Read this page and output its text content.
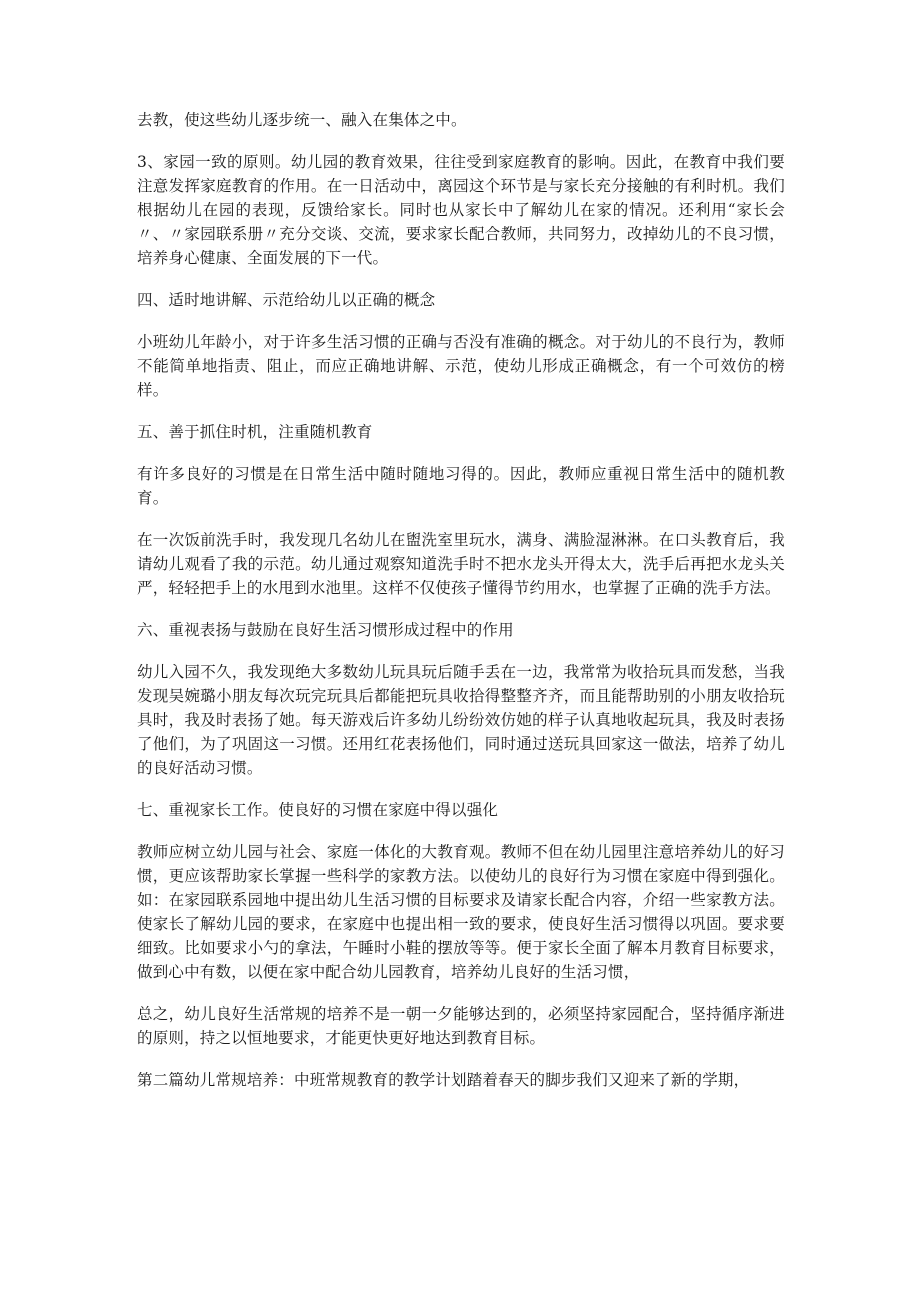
去教，使这些幼儿逐步统一、融入在集体之中。

3、家园一致的原则。幼儿园的教育效果，往往受到家庭教育的影响。因此，在教育中我们要注意发挥家庭教育的作用。在一日活动中，离园这个环节是与家长充分接触的有利时机。我们根据幼儿在园的表现，反馈给家长。同时也从家长中了解幼儿在家的情况。还利用“家长会〃、〃家园联系册〃充分交谈、交流，要求家长配合教师，共同努力，改掉幼儿的不良习惯，培养身心健康、全面发展的下一代。

四、适时地讲解、示范给幼儿以正确的概念

小班幼儿年龄小，对于许多生活习惯的正确与否没有准确的概念。对于幼儿的不良行为，教师不能简单地指责、阻止，而应正确地讲解、示范，使幼儿形成正确概念，有一个可效仿的榜样。

五、善于抓住时机，注重随机教育

有许多良好的习惯是在日常生活中随时随地习得的。因此，教师应重视日常生活中的随机教育。

在一次饭前洗手时，我发现几名幼儿在盥洗室里玩水，满身、满脸湿淋淋。在口头教育后，我请幼儿观看了我的示范。幼儿通过观察知道洗手时不把水龙头开得太大，洗手后再把水龙头关严，轻轻把手上的水甩到水池里。这样不仅使孩子懂得节约用水，也掌握了正确的洗手方法。

六、重视表扬与鼓励在良好生活习惯形成过程中的作用

幼儿入园不久，我发现绝大多数幼儿玩具玩后随手丢在一边，我常常为收拾玩具而发愁，当我发现吴婉璐小朋友每次玩完玩具后都能把玩具收拾得整整齐齐，而且能帮助别的小朋友收拾玩具时，我及时表扬了她。每天游戏后许多幼儿纷纷效仿她的样子认真地收起玩具，我及时表扬了他们，为了巩固这一习惯。还用红花表扬他们，同时通过送玩具回家这一做法，培养了幼儿的良好活动习惯。

七、重视家长工作。使良好的习惯在家庭中得以强化

教师应树立幼儿园与社会、家庭一体化的大教育观。教师不但在幼儿园里注意培养幼儿的好习惯，更应该帮助家长掌握一些科学的家教方法。以使幼儿的良好行为习惯在家庭中得到强化。如：在家园联系园地中提出幼儿生活习惯的目标要求及请家长配合内容，介绍一些家教方法。使家长了解幼儿园的要求，在家庭中也提出相一致的要求，使良好生活习惯得以巩固。要求要细致。比如要求小勺的拿法，午睡时小鞋的摆放等等。便于家长全面了解本月教育目标要求，做到心中有数，以便在家中配合幼儿园教育，培养幼儿良好的生活习惯，

总之，幼儿良好生活常规的培养不是一朝一夕能够达到的，必须坚持家园配合，坚持循序渐进的原则，持之以恒地要求，才能更快更好地达到教育目标。

第二篇幼儿常规培养：中班常规教育的教学计划踏着春天的脚步我们又迎来了新的学期，
